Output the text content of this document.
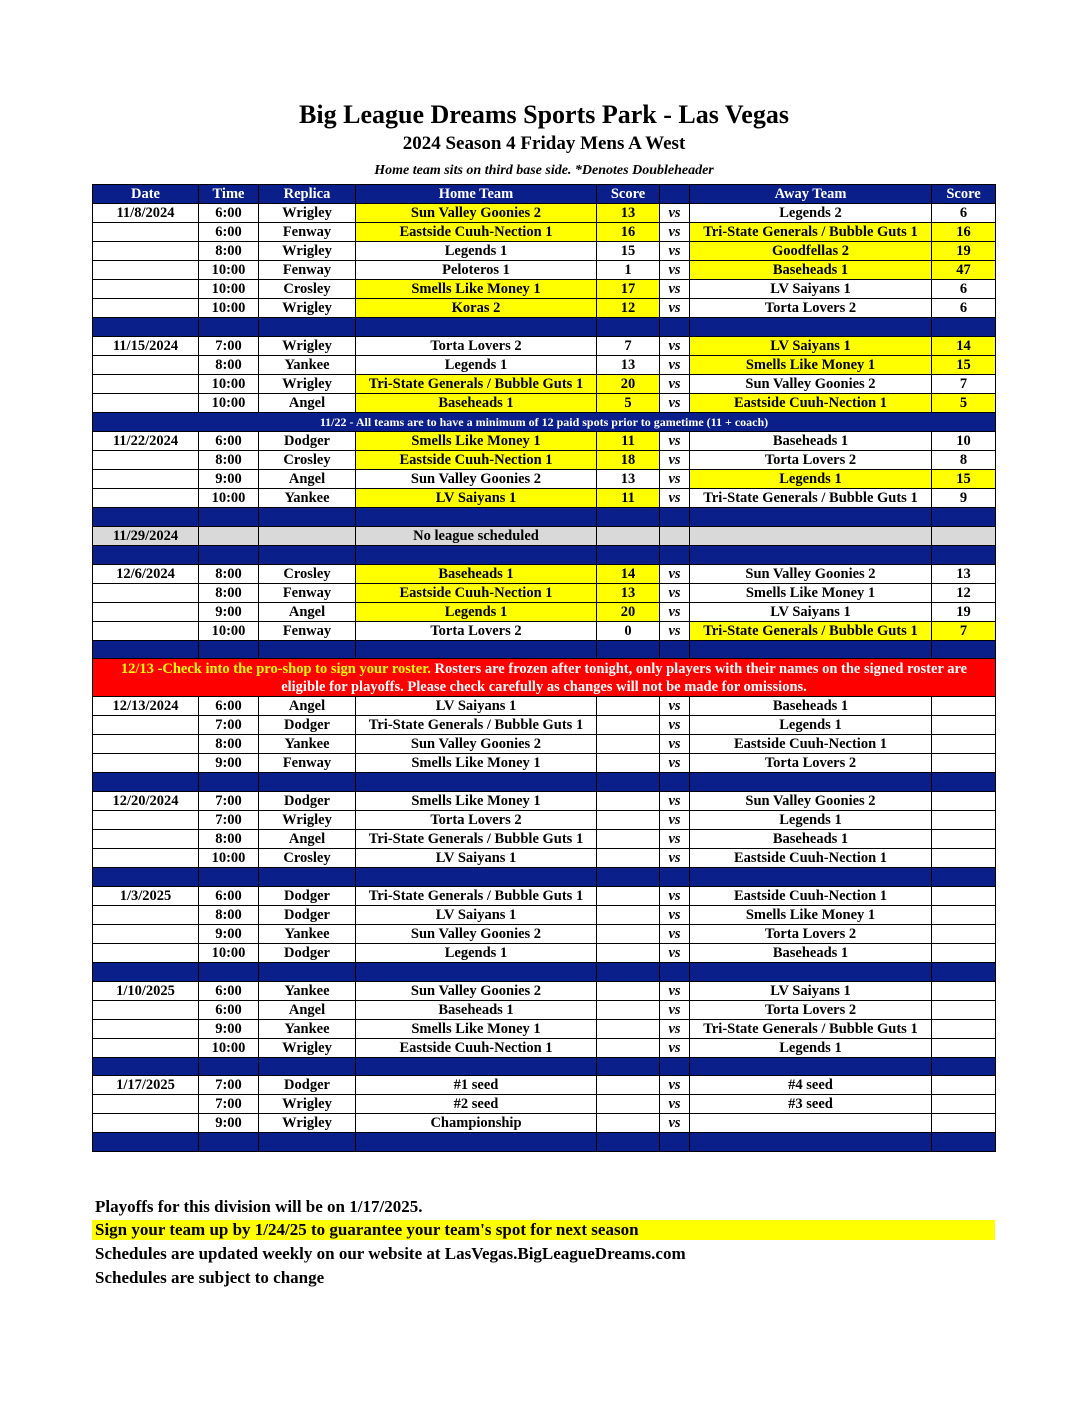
Big League Dreams Sports Park - Las Vegas
2024 Season 4 Friday Mens A West
Home team sits on third base side. *Denotes Doubleheader
Date	Time	Replica	Home Team	Score		Away Team	Score
11/8/2024	6:00	Wrigley	Sun Valley Goonies 2	13	vs	Legends 2	6
	6:00	Fenway	Eastside Cuuh-Nection 1	16	vs	Tri-State Generals / Bubble Guts 1	16
	8:00	Wrigley	Legends 1	15	vs	Goodfellas 2	19
	10:00	Fenway	Peloteros 1	1	vs	Baseheads 1	47
	10:00	Crosley	Smells Like Money 1	17	vs	LV Saiyans 1	6
	10:00	Wrigley	Koras 2	12	vs	Torta Lovers 2	6

11/15/2024	7:00	Wrigley	Torta Lovers 2	7	vs	LV Saiyans 1	14
	8:00	Yankee	Legends 1	13	vs	Smells Like Money 1	15
	10:00	Wrigley	Tri-State Generals / Bubble Guts 1	20	vs	Sun Valley Goonies 2	7
	10:00	Angel	Baseheads 1	5	vs	Eastside Cuuh-Nection 1	5
11/22 - All teams are to have a minimum of 12 paid spots prior to gametime (11 + coach)							
11/22/2024	6:00	Dodger	Smells Like Money 1	11	vs	Baseheads 1	10
	8:00	Crosley	Eastside Cuuh-Nection 1	18	vs	Torta Lovers 2	8
	9:00	Angel	Sun Valley Goonies 2	13	vs	Legends 1	15
	10:00	Yankee	LV Saiyans 1	11	vs	Tri-State Generals / Bubble Guts 1	9

11/29/2024			No league scheduled				

12/6/2024	8:00	Crosley	Baseheads 1	14	vs	Sun Valley Goonies 2	13
	8:00	Fenway	Eastside Cuuh-Nection 1	13	vs	Smells Like Money 1	12
	9:00	Angel	Legends 1	20	vs	LV Saiyans 1	19
	10:00	Fenway	Torta Lovers 2	0	vs	Tri-State Generals / Bubble Guts 1	7

12/13 -Check into the pro-shop to sign your roster. Rosters are frozen after tonight, only players with their names on the signed roster are eligible for playoffs. Please check carefully as changes will not be made for omissions.							
12/13/2024	6:00	Angel	LV Saiyans 1		vs	Baseheads 1	
	7:00	Dodger	Tri-State Generals / Bubble Guts 1		vs	Legends 1	
	8:00	Yankee	Sun Valley Goonies 2		vs	Eastside Cuuh-Nection 1	
	9:00	Fenway	Smells Like Money 1		vs	Torta Lovers 2	

12/20/2024	7:00	Dodger	Smells Like Money 1		vs	Sun Valley Goonies 2	
	7:00	Wrigley	Torta Lovers 2		vs	Legends 1	
	8:00	Angel	Tri-State Generals / Bubble Guts 1		vs	Baseheads 1	
	10:00	Crosley	LV Saiyans 1		vs	Eastside Cuuh-Nection 1	

1/3/2025	6:00	Dodger	Tri-State Generals / Bubble Guts 1		vs	Eastside Cuuh-Nection 1	
	8:00	Dodger	LV Saiyans 1		vs	Smells Like Money 1	
	9:00	Yankee	Sun Valley Goonies 2		vs	Torta Lovers 2	
	10:00	Dodger	Legends 1		vs	Baseheads 1	

1/10/2025	6:00	Yankee	Sun Valley Goonies 2		vs	LV Saiyans 1	
	6:00	Angel	Baseheads 1		vs	Torta Lovers 2	
	9:00	Yankee	Smells Like Money 1		vs	Tri-State Generals / Bubble Guts 1	
	10:00	Wrigley	Eastside Cuuh-Nection 1		vs	Legends 1	

1/17/2025	7:00	Dodger	#1 seed		vs	#4 seed	
	7:00	Wrigley	#2 seed		vs	#3 seed	
	9:00	Wrigley	Championship		vs		

Playoffs for this division will be on 1/17/2025.
Sign your team up by 1/24/25 to guarantee your team's spot for next season
Schedules are updated weekly on our website at LasVegas.BigLeagueDreams.com
Schedules are subject to change
